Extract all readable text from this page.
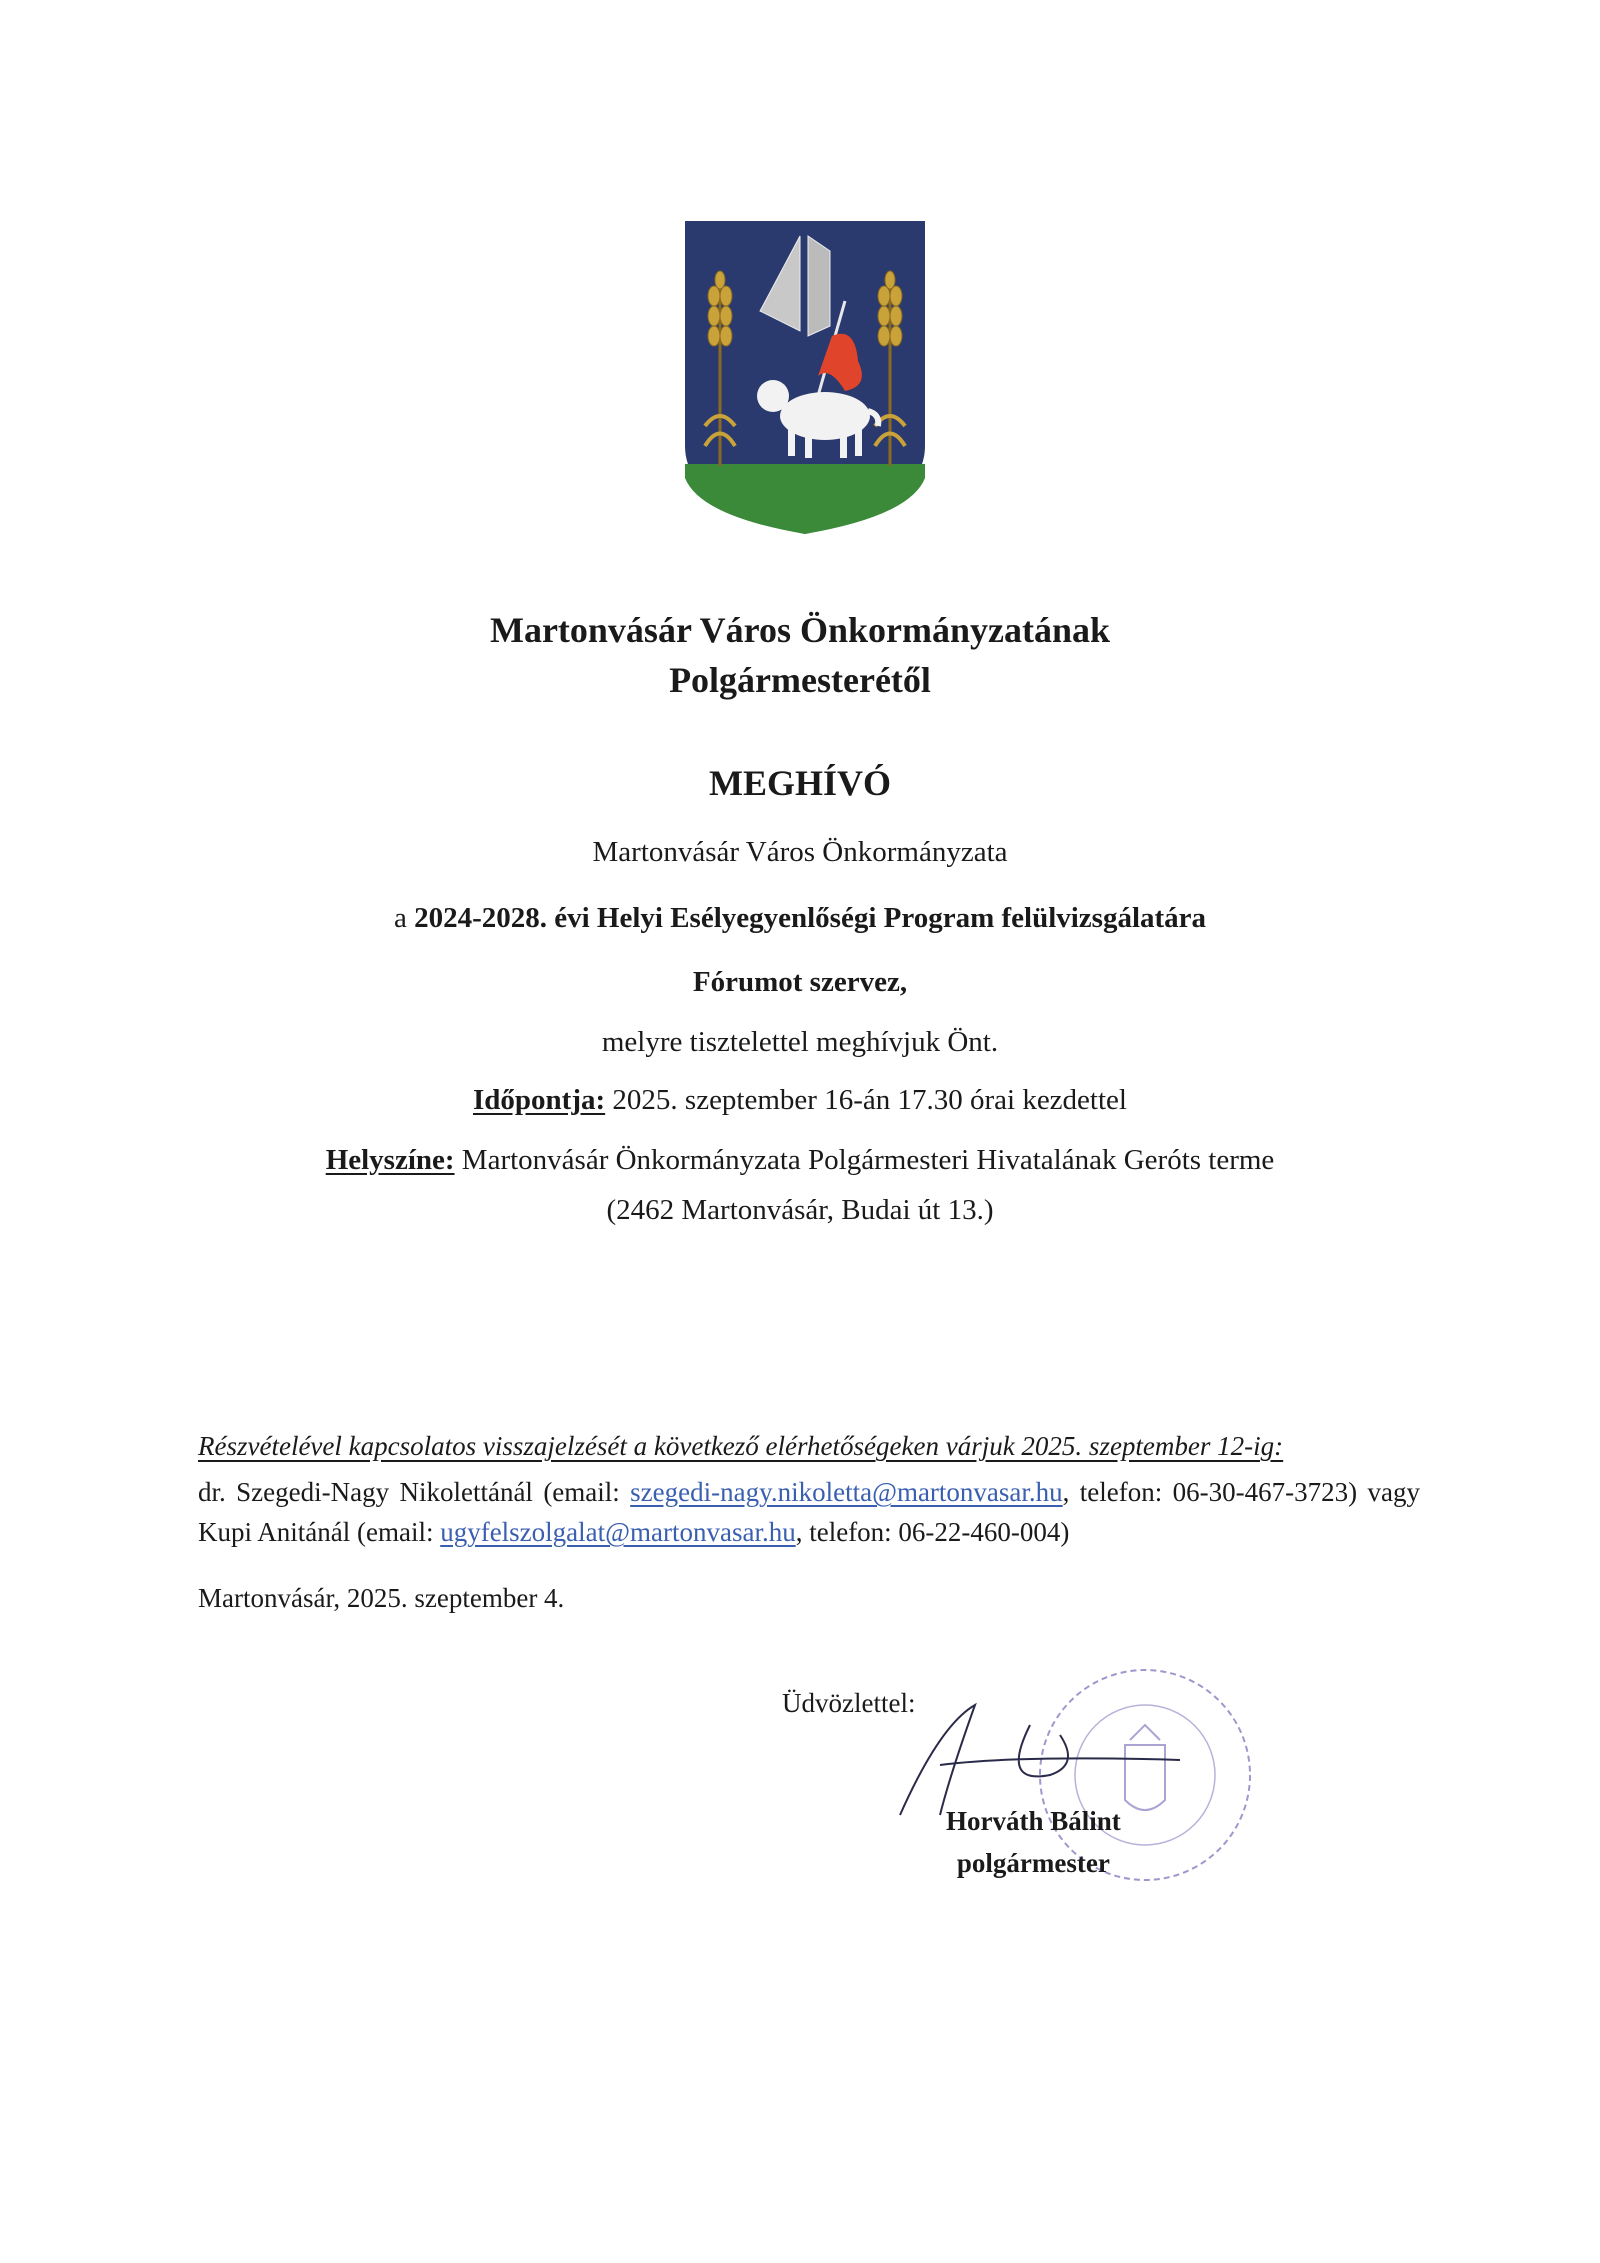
Martonvásár Város Önkormányzatának
Polgármesterétől
MEGHÍVÓ
Martonvásár Város Önkormányzata
a 2024-2028. évi Helyi Esélyegyenlőségi Program felülvizsgálatára
Fórumot szervez,
melyre tisztelettel meghívjuk Önt.
Időpontja: 2025. szeptember 16-án 17.30 órai kezdettel
Helyszíne: Martonvásár Önkormányzata Polgármesteri Hivatalának Geróts terme
(2462 Martonvásár, Budai út 13.)
Részvételével kapcsolatos visszajelzését a következő elérhetőségeken várjuk 2025. szeptember 12-ig:
dr. Szegedi-Nagy Nikolettánál (email: szegedi-nagy.nikoletta@martonvasar.hu, telefon: 06-30-467-3723) vagy Kupi Anitánál (email: ugyfelszolgalat@martonvasar.hu, telefon: 06-22-460-004)
Martonvásár, 2025. szeptember 4.
Üdvözlettel:
Horváth Bálint
polgármester
